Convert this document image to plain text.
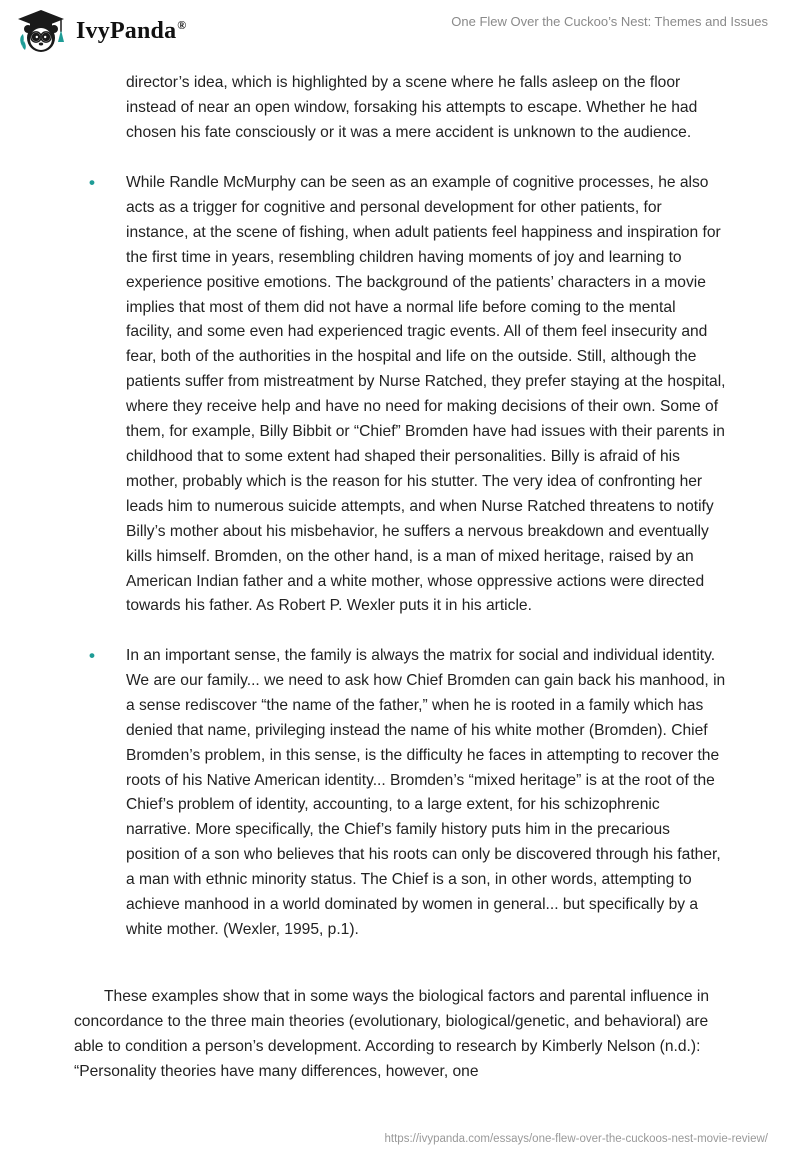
IvyPanda®	One Flew Over the Cuckoo’s Nest: Themes and Issues
director’s idea, which is highlighted by a scene where he falls asleep on the floor instead of near an open window, forsaking his attempts to escape. Whether he had chosen his fate consciously or it was a mere accident is unknown to the audience.
• While Randle McMurphy can be seen as an example of cognitive processes, he also acts as a trigger for cognitive and personal development for other patients, for instance, at the scene of fishing, when adult patients feel happiness and inspiration for the first time in years, resembling children having moments of joy and learning to experience positive emotions. The background of the patients’ characters in a movie implies that most of them did not have a normal life before coming to the mental facility, and some even had experienced tragic events. All of them feel insecurity and fear, both of the authorities in the hospital and life on the outside. Still, although the patients suffer from mistreatment by Nurse Ratched, they prefer staying at the hospital, where they receive help and have no need for making decisions of their own. Some of them, for example, Billy Bibbit or “Chief” Bromden have had issues with their parents in childhood that to some extent had shaped their personalities. Billy is afraid of his mother, probably which is the reason for his stutter. The very idea of confronting her leads him to numerous suicide attempts, and when Nurse Ratched threatens to notify Billy’s mother about his misbehavior, he suffers a nervous breakdown and eventually kills himself. Bromden, on the other hand, is a man of mixed heritage, raised by an American Indian father and a white mother, whose oppressive actions were directed towards his father. As Robert P. Wexler puts it in his article.
• In an important sense, the family is always the matrix for social and individual identity. We are our family... we need to ask how Chief Bromden can gain back his manhood, in a sense rediscover “the name of the father,” when he is rooted in a family which has denied that name, privileging instead the name of his white mother (Bromden). Chief Bromden’s problem, in this sense, is the difficulty he faces in attempting to recover the roots of his Native American identity... Bromden’s “mixed heritage” is at the root of the Chief’s problem of identity, accounting, to a large extent, for his schizophrenic narrative. More specifically, the Chief’s family history puts him in the precarious position of a son who believes that his roots can only be discovered through his father, a man with ethnic minority status. The Chief is a son, in other words, attempting to achieve manhood in a world dominated by women in general... but specifically by a white mother. (Wexler, 1995, p.1).
These examples show that in some ways the biological factors and parental influence in concordance to the three main theories (evolutionary, biological/genetic, and behavioral) are able to condition a person’s development. According to research by Kimberly Nelson (n.d.): “Personality theories have many differences, however, one
https://ivypanda.com/essays/one-flew-over-the-cuckoos-nest-movie-review/
